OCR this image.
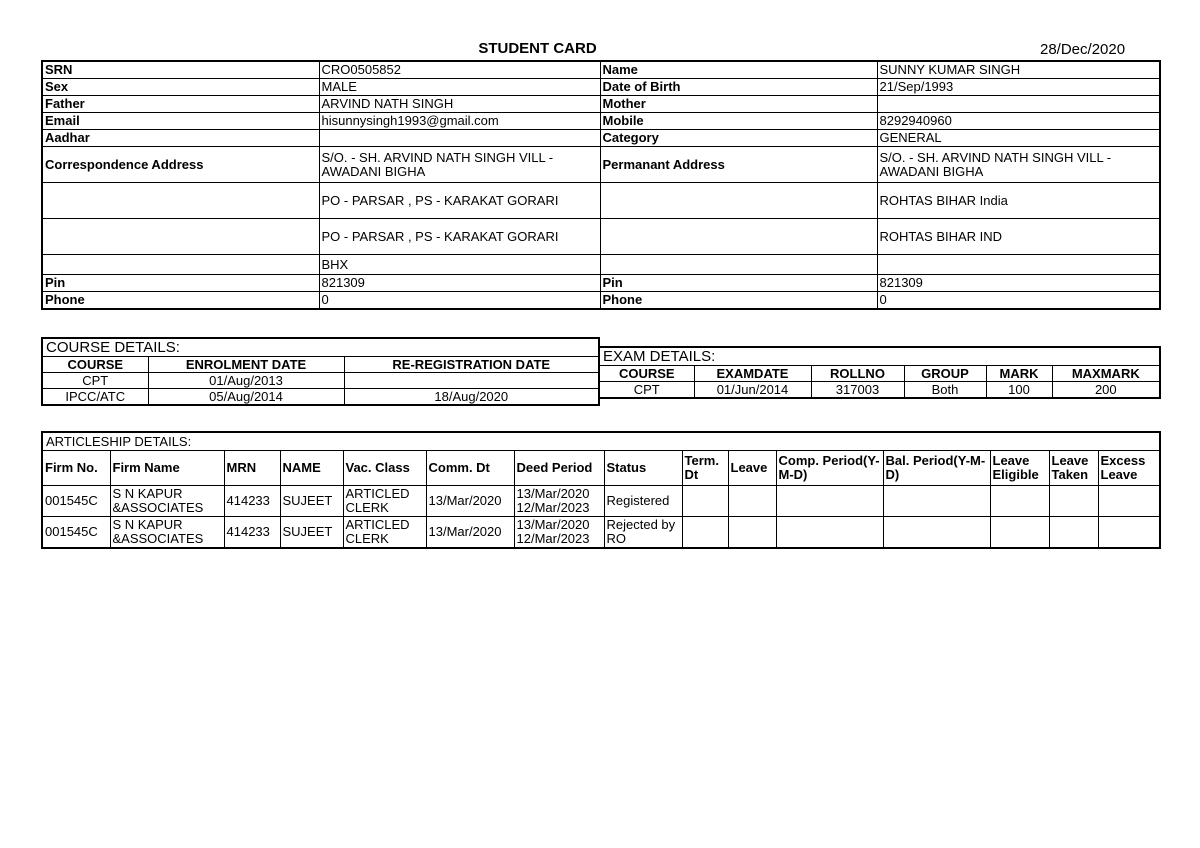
STUDENT CARD	28/Dec/2020
SRN	CRO0505852	Name	SUNNY KUMAR SINGH
Sex	MALE	Date of Birth	21/Sep/1993
Father	ARVIND NATH SINGH	Mother	
Email	hisunnysingh1993@gmail.com	Mobile	8292940960
Aadhar		Category	GENERAL
Correspondence Address	S/O. - SH. ARVIND NATH SINGH VILL - AWADANI BIGHA	Permanant Address	S/O. - SH. ARVIND NATH SINGH VILL - AWADANI BIGHA
	PO - PARSAR , PS - KARAKAT GORARI		ROHTAS BIHAR India
	PO - PARSAR , PS - KARAKAT GORARI		ROHTAS BIHAR IND
	BHX		
Pin	821309	Pin	821309
Phone	0	Phone	0
COURSE DETAILS:		
COURSE	ENROLMENT DATE	RE-REGISTRATION DATE
CPT	01/Aug/2013	
IPCC/ATC	05/Aug/2014	18/Aug/2020
EXAM DETAILS:					
COURSE	EXAMDATE	ROLLNO	GROUP	MARK	MAXMARK
CPT	01/Jun/2014	317003	Both	100	200
ARTICLESHIP DETAILS:														
Firm No.	Firm Name	MRN	NAME	Vac. Class	Comm. Dt	Deed Period	Status	Term. Dt	Leave	Comp. Period(Y-M-D)	Bal. Period(Y-M-D)	Leave Eligible	Leave Taken	Excess Leave
001545C	S N KAPUR &ASSOCIATES	414233	SUJEET	ARTICLED CLERK	13/Mar/2020	13/Mar/2020 12/Mar/2023	Registered							
001545C	S N KAPUR &ASSOCIATES	414233	SUJEET	ARTICLED CLERK	13/Mar/2020	13/Mar/2020 12/Mar/2023	Rejected by RO							
